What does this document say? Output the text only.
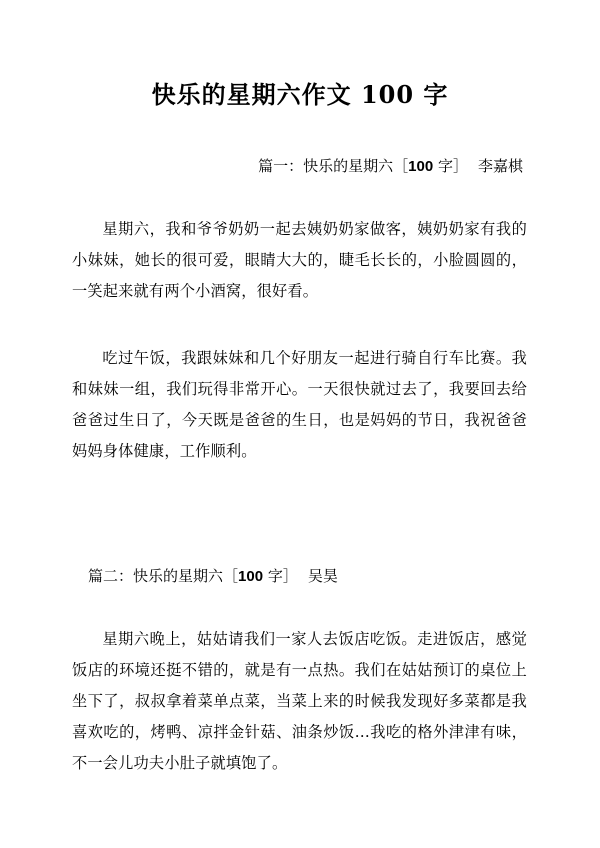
快乐的星期六作文 100 字
篇一：快乐的星期六［100 字］ 李嘉棋

星期六，我和爷爷奶奶一起去姨奶奶家做客，姨奶奶家有我的小妹妹，她长的很可爱，眼睛大大的，睫毛长长的，小脸圆圆的，一笑起来就有两个小酒窝，很好看。

吃过午饭，我跟妹妹和几个好朋友一起进行骑自行车比赛。我和妹妹一组，我们玩得非常开心。一天很快就过去了，我要回去给爸爸过生日了，今天既是爸爸的生日，也是妈妈的节日，我祝爸爸妈妈身体健康，工作顺利。

篇二：快乐的星期六［100 字］ 吴昊

星期六晚上，姑姑请我们一家人去饭店吃饭。走进饭店，感觉饭店的环境还挺不错的，就是有一点热。我们在姑姑预订的桌位上坐下了，叔叔拿着菜单点菜，当菜上来的时候我发现好多菜都是我喜欢吃的，烤鸭、凉拌金针菇、油条炒饭…我吃的格外津津有味，不一会儿功夫小肚子就填饱了。
